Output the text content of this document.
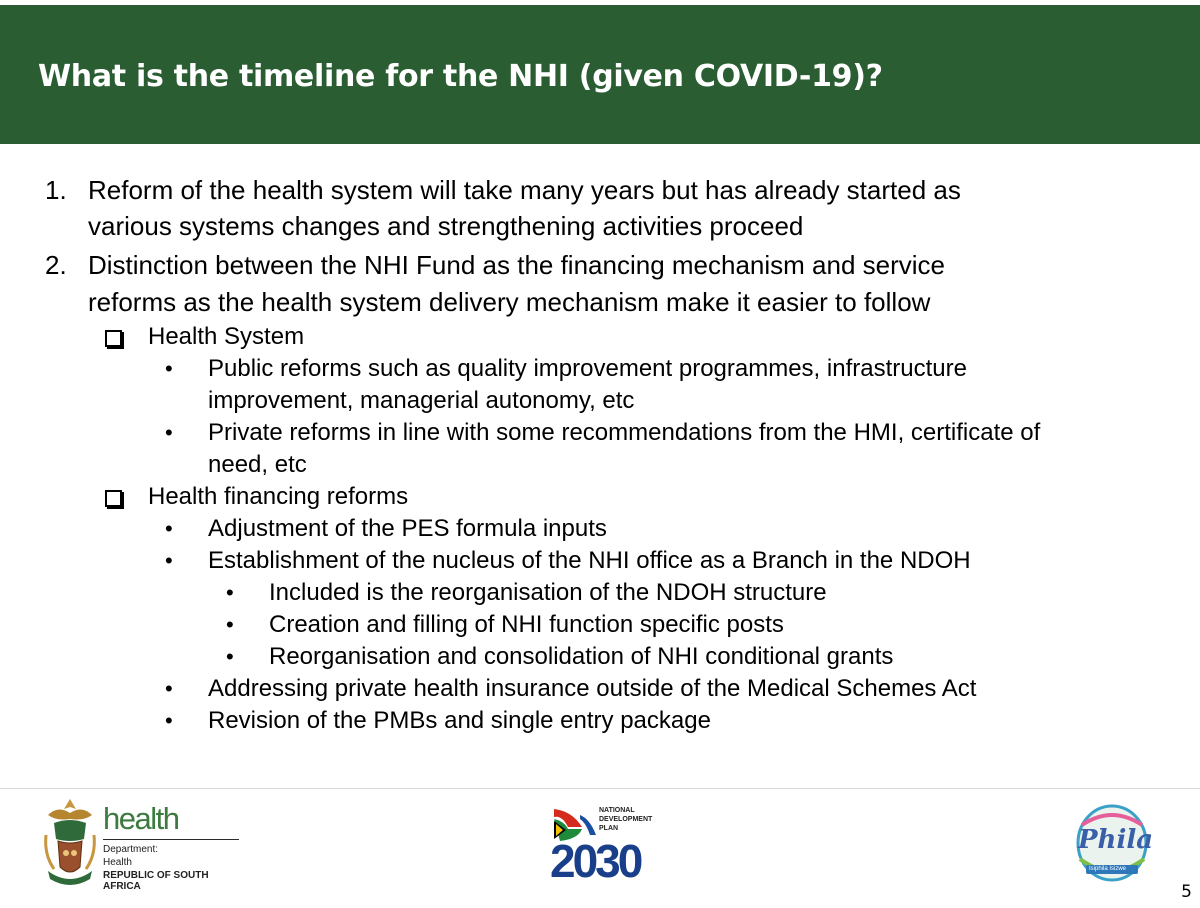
What is the timeline for the NHI (given COVID-19)?
1. Reform of the health system will take many years but has already started as
various systems changes and strengthening activities proceed
2. Distinction between the NHI Fund as the financing mechanism and service
reforms as the health system delivery mechanism make it easier to follow
Health System
• Public reforms such as quality improvement programmes, infrastructure
improvement, managerial autonomy, etc
• Private reforms in line with some recommendations from the HMI, certificate of
need, etc
Health financing reforms
• Adjustment of the PES formula inputs
• Establishment of the nucleus of the NHI office as a Branch in the NDOH
• Included is the reorganisation of the NDOH structure
• Creation and filling of NHI function specific posts
• Reorganisation and consolidation of NHI conditional grants
• Addressing private health insurance outside of the Medical Schemes Act
• Revision of the PMBs and single entry package
health
Department:
Health
REPUBLIC OF SOUTH AFRICA
NATIONAL
DEVELOPMENT
PLAN
2030	Phila
Isiphila Isizwe
5
